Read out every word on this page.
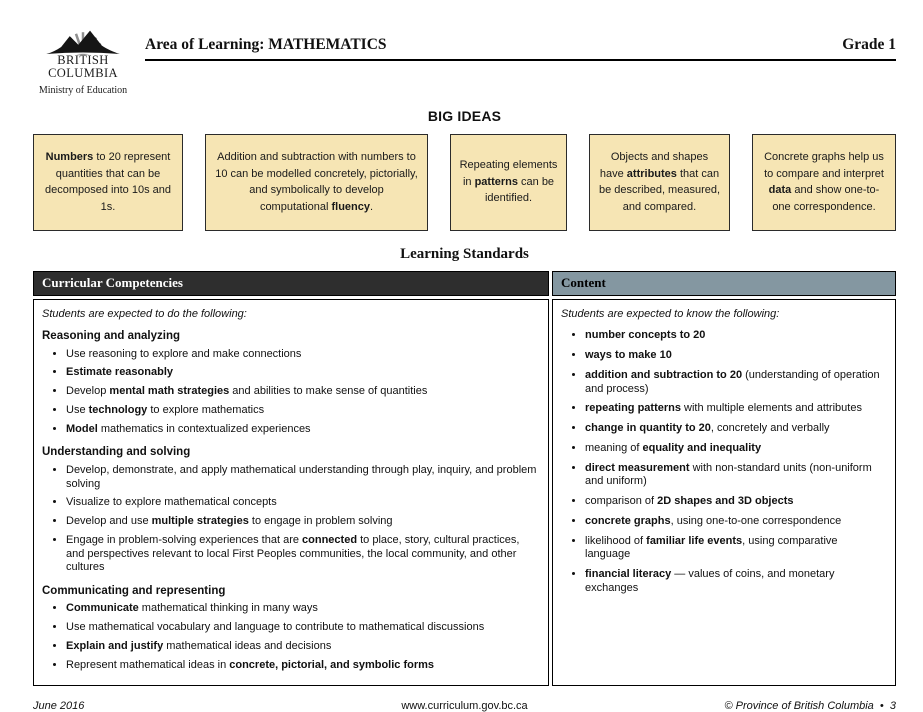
BRITISH
COLUMBIA
Ministry of Education
Area of Learning: MATHEMATICS	Grade 1
BIG IDEAS
Numbers to 20 represent quantities that can be decomposed into 10s and 1s.
Addition and subtraction with numbers to 10 can be modelled concretely, pictorially, and symbolically to develop computational fluency.
Repeating elements in patterns can be identified.
Objects and shapes have attributes that can be described, measured, and compared.
Concrete graphs help us to compare and interpret data and show one-to-one correspondence.
Learning Standards
Curricular Competencies	Content

Students are expected to do the following:

Reasoning and analyzing
• Use reasoning to explore and make connections
• Estimate reasonably
• Develop mental math strategies and abilities to make sense of quantities
• Use technology to explore mathematics
• Model mathematics in contextualized experiences
Understanding and solving
• Develop, demonstrate, and apply mathematical understanding through play, inquiry, and problem solving
• Visualize to explore mathematical concepts
• Develop and use multiple strategies to engage in problem solving
• Engage in problem-solving experiences that are connected to place, story, cultural practices, and perspectives relevant to local First Peoples communities, the local community, and other cultures
Communicating and representing
• Communicate mathematical thinking in many ways
• Use mathematical vocabulary and language to contribute to mathematical discussions
• Explain and justify mathematical ideas and decisions
• Represent mathematical ideas in concrete, pictorial, and symbolic forms

Students are expected to know the following:

• number concepts to 20
• ways to make 10
• addition and subtraction to 20 (understanding of operation and process)
• repeating patterns with multiple elements and attributes
• change in quantity to 20, concretely and verbally
• meaning of equality and inequality
• direct measurement with non-standard units (non-uniform and uniform)
• comparison of 2D shapes and 3D objects
• concrete graphs, using one-to-one correspondence
• likelihood of familiar life events, using comparative language
• financial literacy — values of coins, and monetary exchanges
June 2016	www.curriculum.gov.bc.ca	© Province of British Columbia • 3
